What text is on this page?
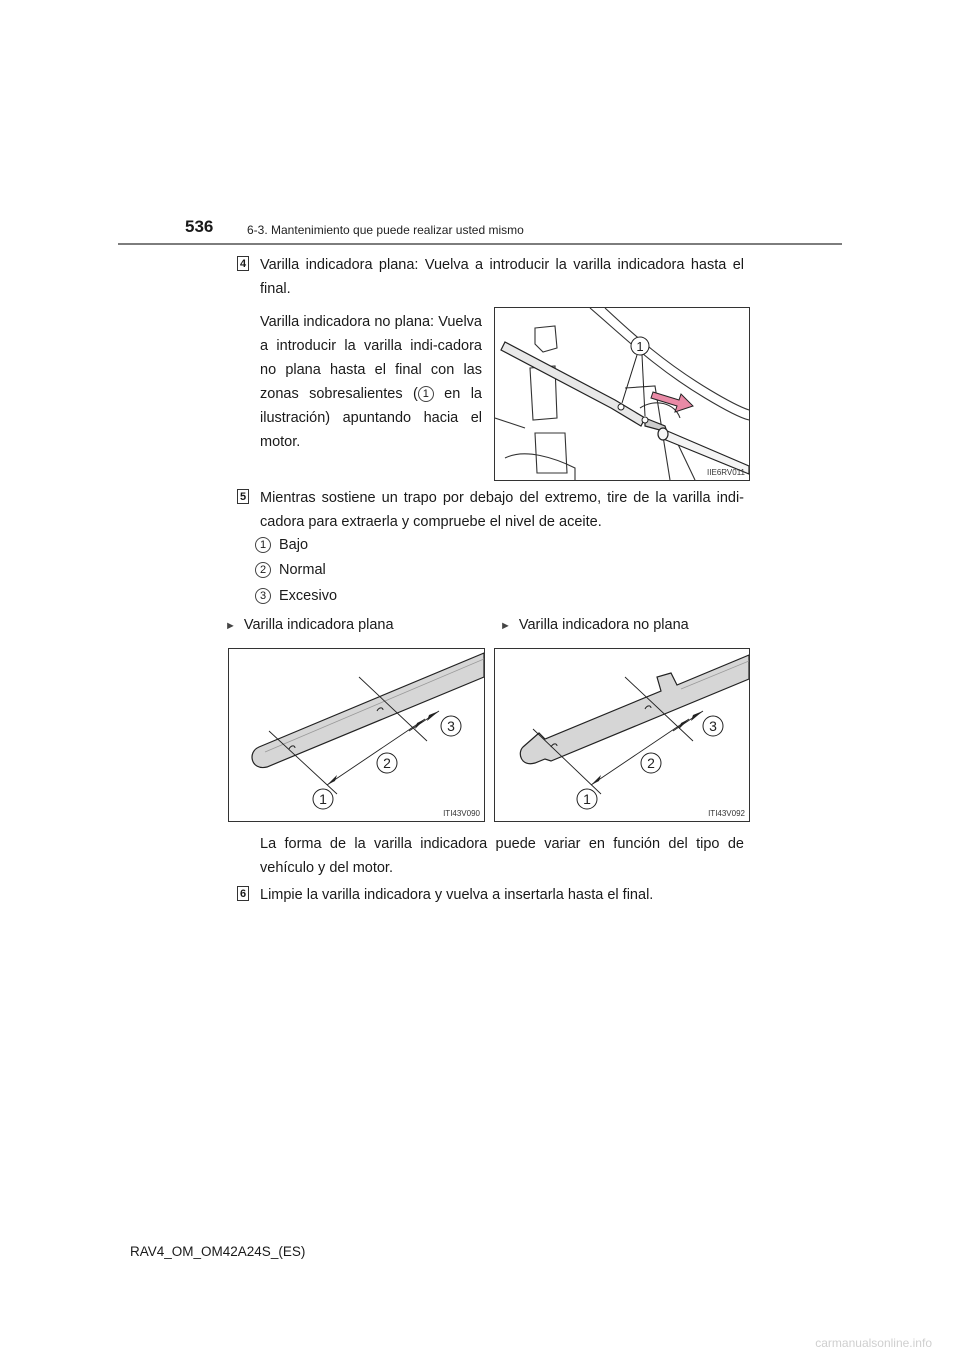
536	6-3. Mantenimiento que puede realizar usted mismo
4 Varilla indicadora plana: Vuelva a introducir la varilla indicadora hasta el final.
Varilla indicadora no plana: Vuelva a introducir la varilla indi-cadora no plana hasta el final con las zonas sobresalientes ( 1 en la ilustración) apuntando hacia el motor.
1
IIE6RV011
5 Mientras sostiene un trapo por debajo del extremo, tire de la varilla indi-cadora para extraerla y compruebe el nivel de aceite.
1 Bajo
2 Normal
3 Excesivo
► Varilla indicadora plana	► Varilla indicadora no plana
1
2
3
ITI43V090
1
2
3
ITI43V092
La forma de la varilla indicadora puede variar en función del tipo de vehículo y del motor.
6 Limpie la varilla indicadora y vuelva a insertarla hasta el final.
RAV4_OM_OM42A24S_(ES)
carmanualsonline.info
